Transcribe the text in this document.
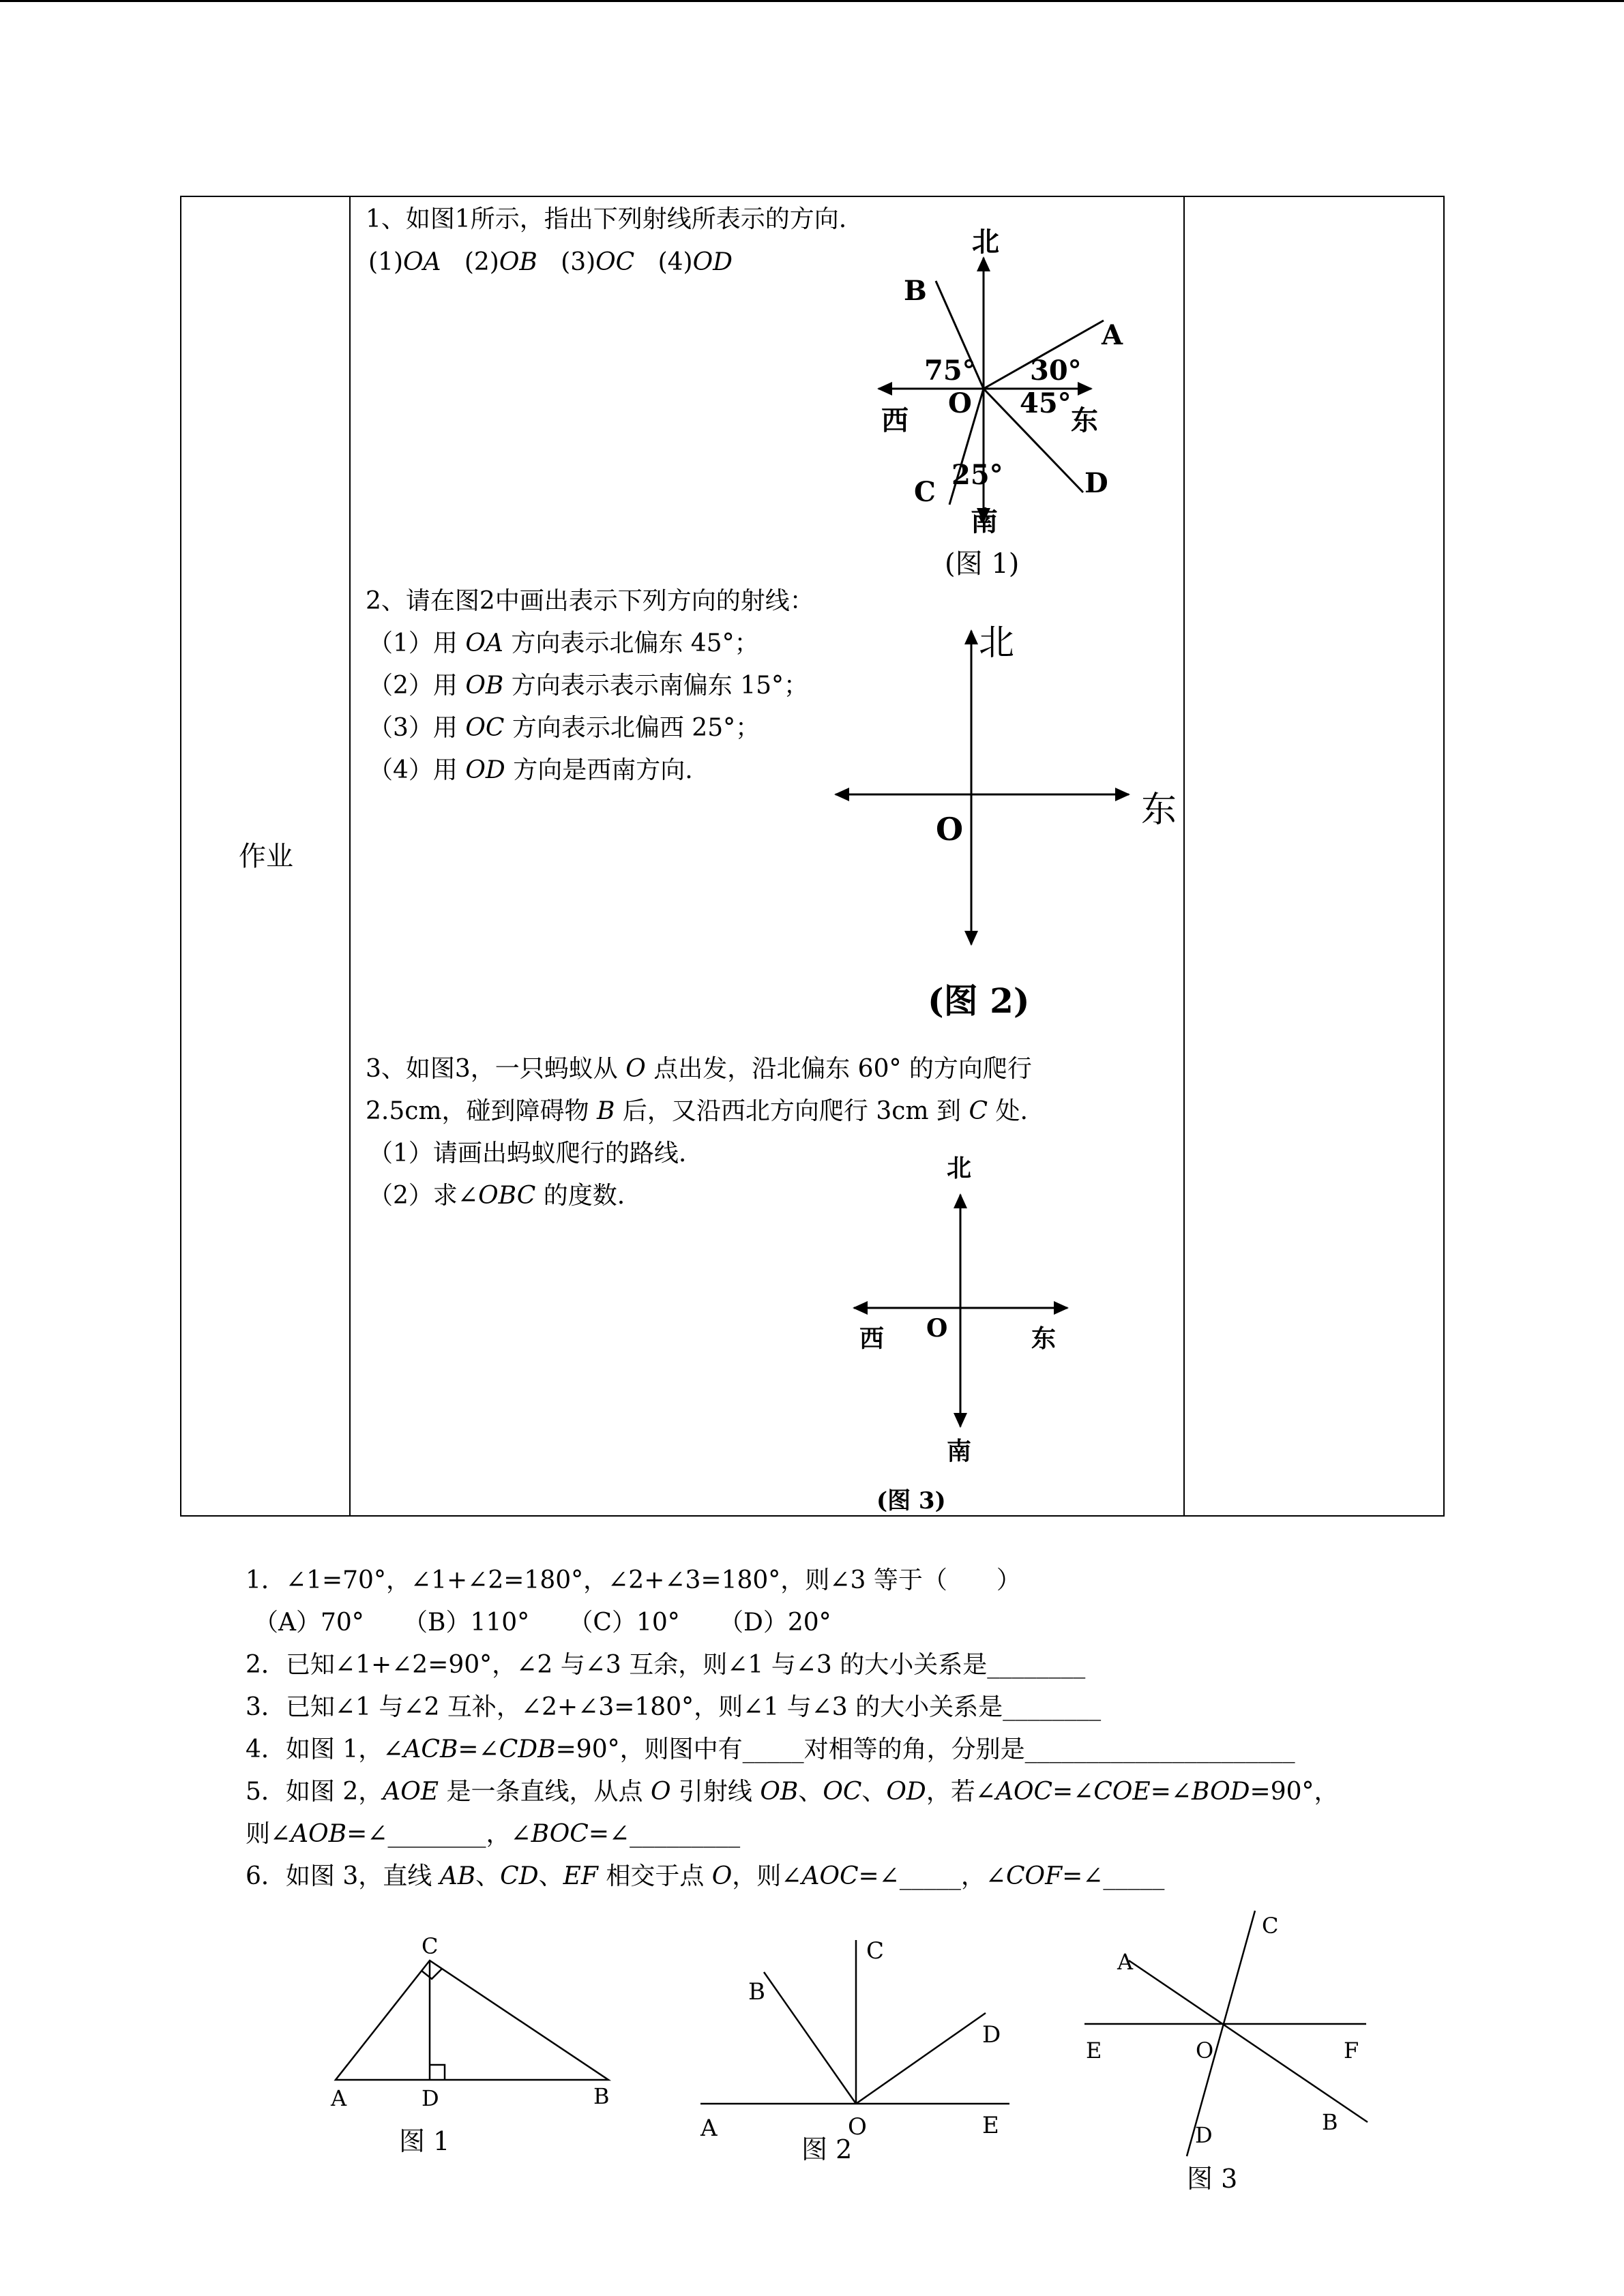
作业
1、如图1所示，指出下列射线所表示的方向.
(1)OA (2)OB (3)OC (4)OD
北
B
A
75° 30°
O 45°
西	东
25°	D
C
南
(图 1)
2、请在图2中画出表示下列方向的射线：
（1）用 OA 方向表示北偏东 45°；
（2）用 OB 方向表示表示南偏东 15°；
（3）用 OC 方向表示北偏西 25°；
（4）用 OD 方向是西南方向.
北
东
O
(图 2)
3、如图3，一只蚂蚁从 O 点出发，沿北偏东 60° 的方向爬行
2.5cm，碰到障碍物 B 后，又沿西北方向爬行 3cm 到 C 处.
（1）请画出蚂蚁爬行的路线.
（2）求∠OBC 的度数.
北
西 O	东
南
(图 3)
1．∠1=70°，∠1+∠2=180°，∠2+∠3=180°，则∠3 等于（　　）
（A）70° （B）110° （C）10° （D）20°
2．已知∠1+∠2=90°，∠2 与∠3 互余，则∠1 与∠3 的大小关系是________
3．已知∠1 与∠2 互补，∠2+∠3=180°，则∠1 与∠3 的大小关系是________
4．如图 1，∠ACB=∠CDB=90°，则图中有_____对相等的角，分别是______________________
5．如图 2，AOE 是一条直线，从点 O 引射线 OB、OC、OD，若∠AOC=∠COE=∠BOD=90°，
则∠AOB=∠________，∠BOC=∠_________
6．如图 3，直线 AB、CD、EF 相交于点 O，则∠AOC=∠_____，∠COF=∠_____
C
A	D	B
图 1
C
B
D
A	O	E
图 2
C
A
E	O	F
B
D
图 3
